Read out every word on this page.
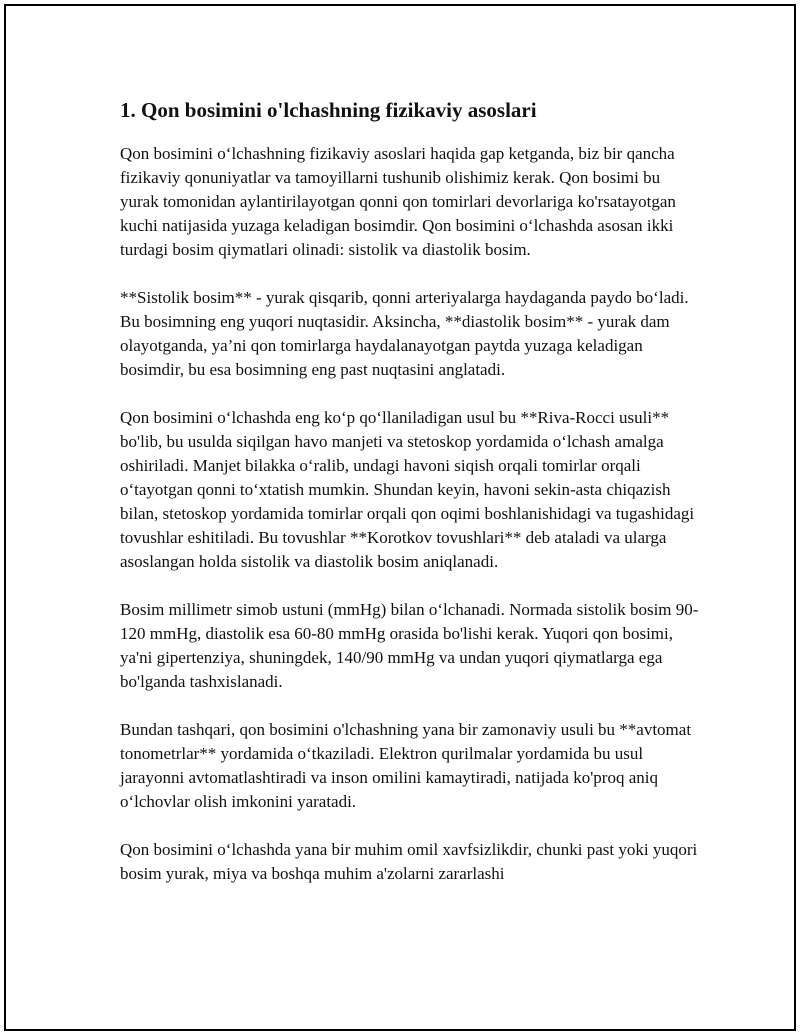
1. Qon bosimini o'lchashning fizikaviy asoslari

Qon bosimini o‘lchashning fizikaviy asoslari haqida gap ketganda, biz bir qancha fizikaviy qonuniyatlar va tamoyillarni tushunib olishimiz kerak. Qon bosimi bu yurak tomonidan aylantirilayotgan qonni qon tomirlari devorlariga ko'rsatayotgan kuchi natijasida yuzaga keladigan bosimdir. Qon bosimini o‘lchashda asosan ikki turdagi bosim qiymatlari olinadi: sistolik va diastolik bosim.

**Sistolik bosim** - yurak qisqarib, qonni arteriyalarga haydaganda paydo bo‘ladi. Bu bosimning eng yuqori nuqtasidir. Aksincha, **diastolik bosim** - yurak dam olayotganda, ya’ni qon tomirlarga haydalanayotgan paytda yuzaga keladigan bosimdir, bu esa bosimning eng past nuqtasini anglatadi.

Qon bosimini o‘lchashda eng ko‘p qo‘llaniladigan usul bu **Riva-Rocci usuli** bo'lib, bu usulda siqilgan havo manjeti va stetoskop yordamida o‘lchash amalga oshiriladi. Manjet bilakka o‘ralib, undagi havoni siqish orqali tomirlar orqali o‘tayotgan qonni to‘xtatish mumkin. Shundan keyin, havoni sekin-asta chiqazish bilan, stetoskop yordamida tomirlar orqali qon oqimi boshlanishidagi va tugashidagi tovushlar eshitiladi. Bu tovushlar **Korotkov tovushlari** deb ataladi va ularga asoslangan holda sistolik va diastolik bosim aniqlanadi.

Bosim millimetr simob ustuni (mmHg) bilan o‘lchanadi. Normada sistolik bosim 90-120 mmHg, diastolik esa 60-80 mmHg orasida bo'lishi kerak. Yuqori qon bosimi, ya'ni gipertenziya, shuningdek, 140/90 mmHg va undan yuqori qiymatlarga ega bo'lganda tashxislanadi.

Bundan tashqari, qon bosimini o'lchashning yana bir zamonaviy usuli bu **avtomat tonometrlar** yordamida o‘tkaziladi. Elektron qurilmalar yordamida bu usul jarayonni avtomatlashtiradi va inson omilini kamaytiradi, natijada ko'proq aniq o‘lchovlar olish imkonini yaratadi.

Qon bosimini o‘lchashda yana bir muhim omil xavfsizlikdir, chunki past yoki yuqori bosim yurak, miya va boshqa muhim a'zolarni zararlashi
